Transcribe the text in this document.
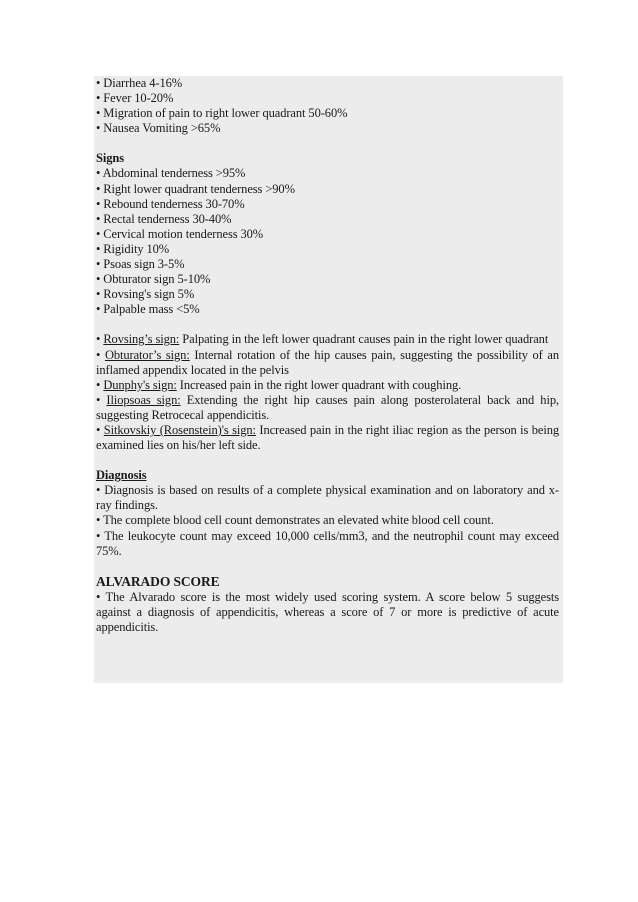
• Diarrhea 4-16%
• Fever 10-20%
• Migration of pain to right lower quadrant 50-60%
• Nausea Vomiting >65%
Signs
• Abdominal tenderness >95%
• Right lower quadrant tenderness >90%
• Rebound tenderness 30-70%
• Rectal tenderness 30-40%
• Cervical motion tenderness 30%
• Rigidity 10%
• Psoas sign 3-5%
• Obturator sign 5-10%
• Rovsing's sign 5%
• Palpable mass <5%
• Rovsing’s sign: Palpating in the left lower quadrant causes pain in the right lower quadrant
• Obturator’s sign: Internal rotation of the hip causes pain, suggesting the possibility of an inflamed appendix located in the pelvis
• Dunphy's sign: Increased pain in the right lower quadrant with coughing.
• Iliopsoas sign: Extending the right hip causes pain along posterolateral back and hip, suggesting Retrocecal appendicitis.
• Sitkovskiy (Rosenstein)'s sign: Increased pain in the right iliac region as the person is being examined lies on his/her left side.
Diagnosis
• Diagnosis is based on results of a complete physical examination and on laboratory and x-ray findings.
• The complete blood cell count demonstrates an elevated white blood cell count.
• The leukocyte count may exceed 10,000 cells/mm3, and the neutrophil count may exceed 75%.
ALVARADO SCORE
• The Alvarado score is the most widely used scoring system. A score below 5 suggests against a diagnosis of appendicitis, whereas a score of 7 or more is predictive of acute appendicitis.
